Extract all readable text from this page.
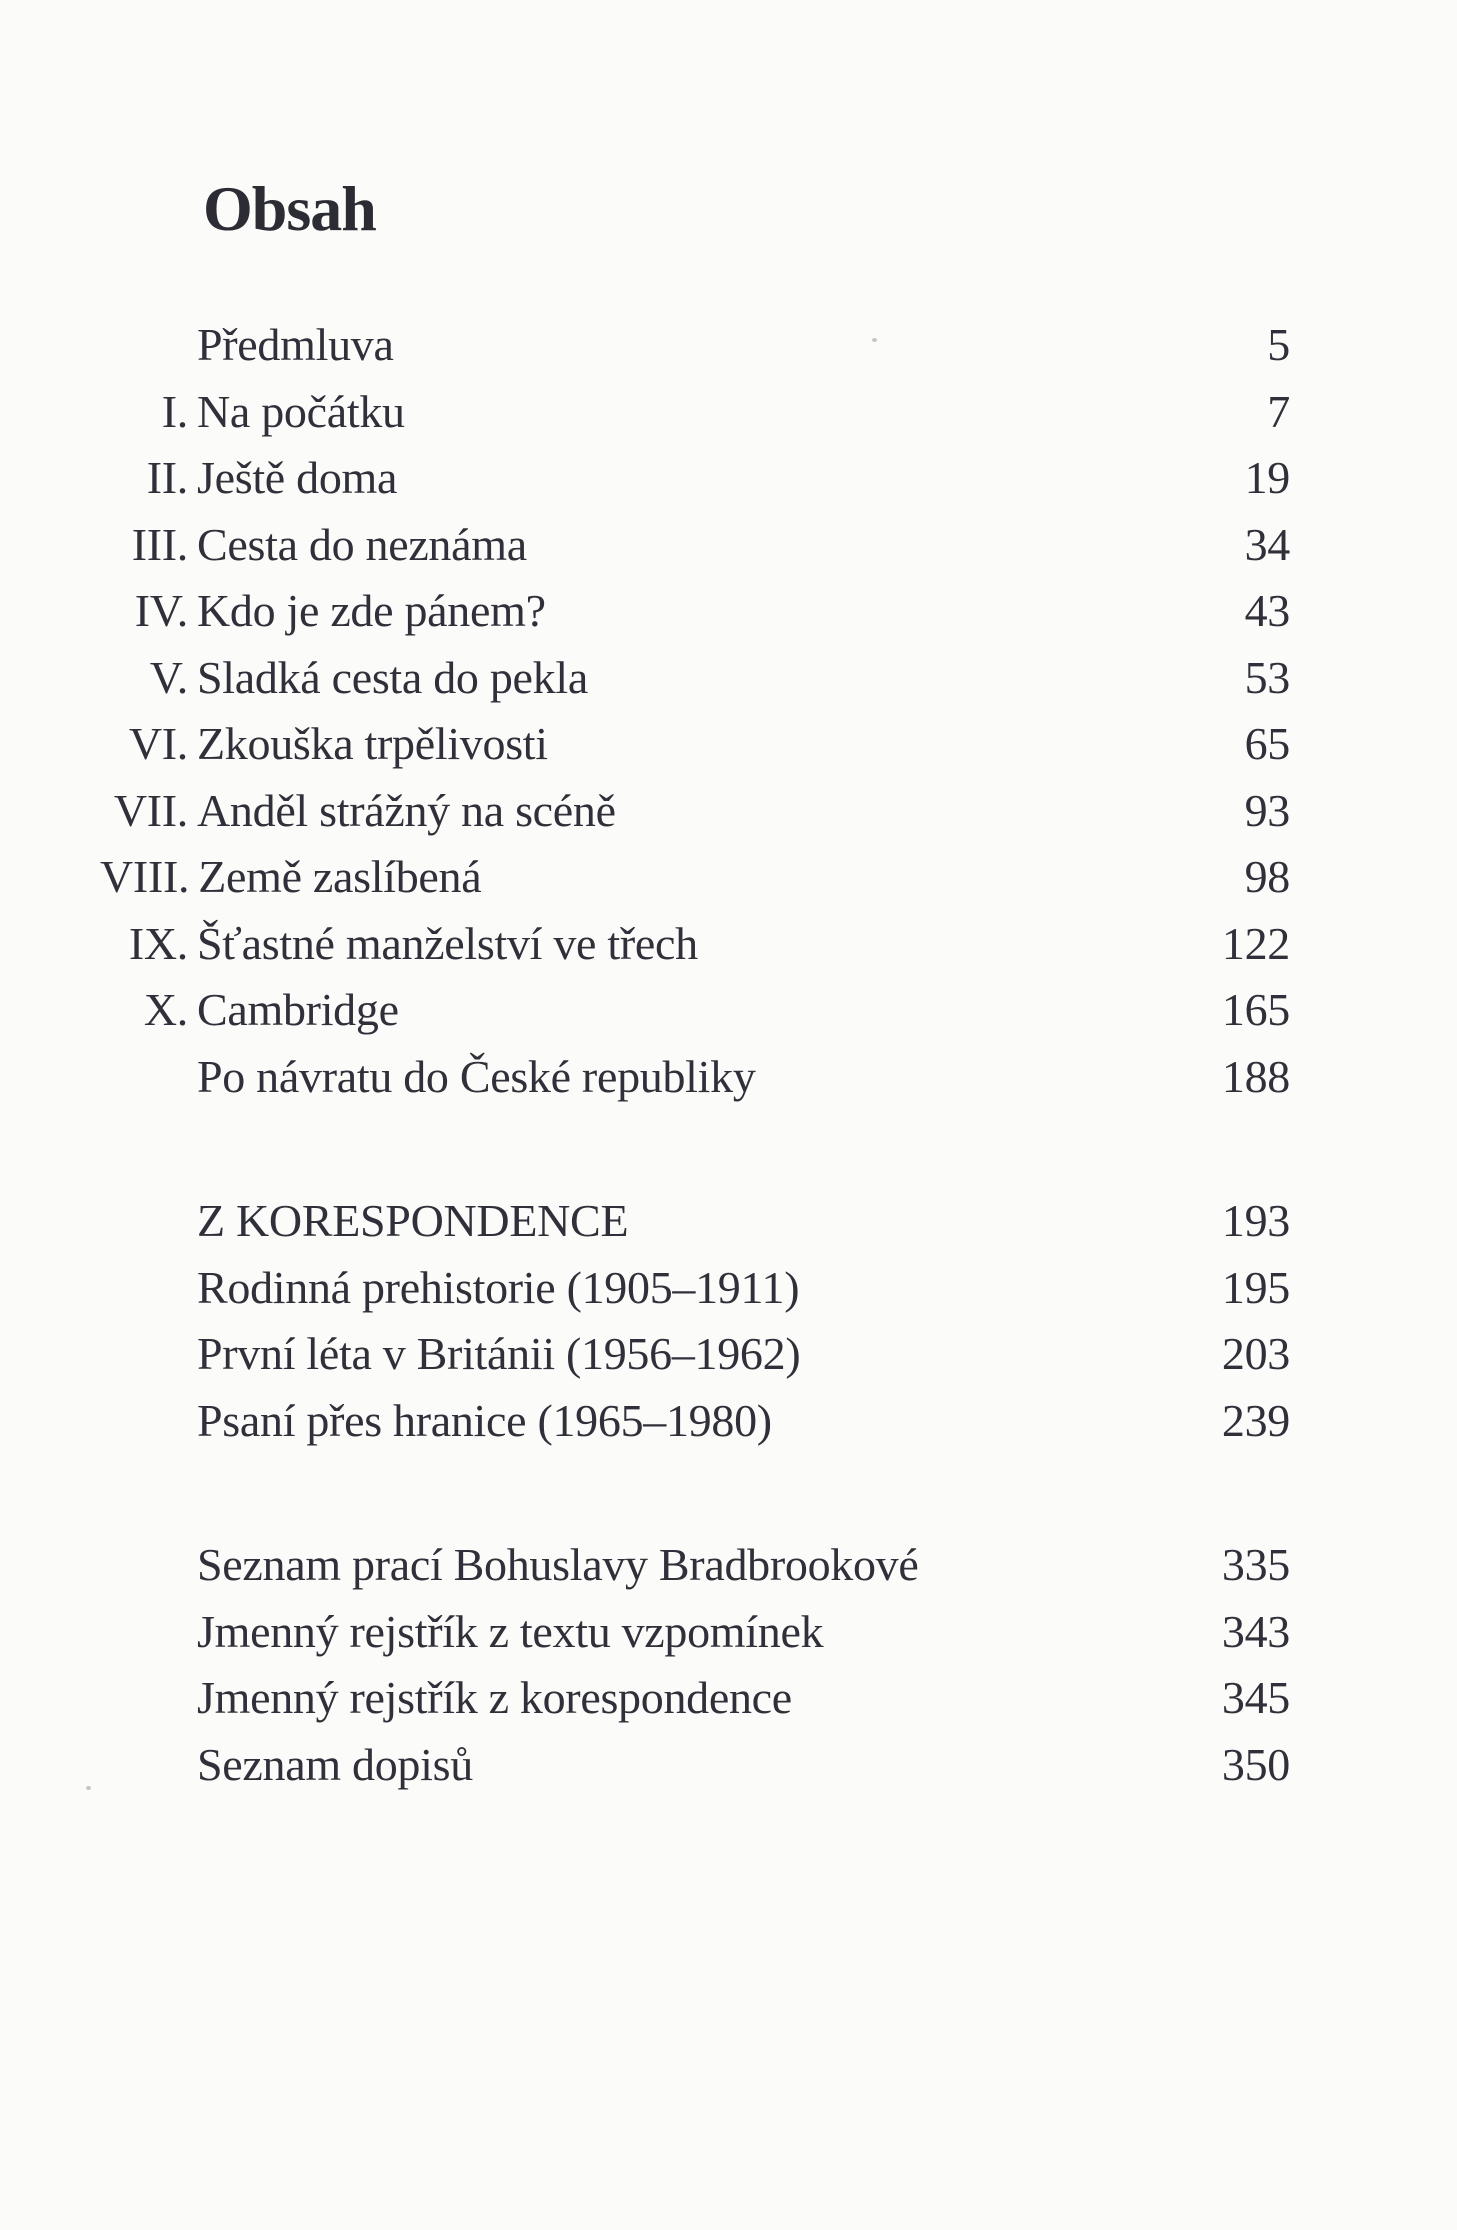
Obsah
Předmluva	5
I. Na počátku	7
II. Ještě doma	19
III. Cesta do neznáma	34
IV. Kdo je zde pánem?	43
V. Sladká cesta do pekla	53
VI. Zkouška trpělivosti	65
VII. Anděl strážný na scéně	93
VIII. Země zaslíbená	98
IX. Šťastné manželství ve třech	122
X. Cambridge	165
Po návratu do České republiky	188
Z KORESPONDENCE	193
Rodinná prehistorie (1905–1911)	195
První léta v Británii (1956–1962)	203
Psaní přes hranice (1965–1980)	239
Seznam prací Bohuslavy Bradbrookové	335
Jmenný rejstřík z textu vzpomínek	343
Jmenný rejstřík z korespondence	345
Seznam dopisů	350
